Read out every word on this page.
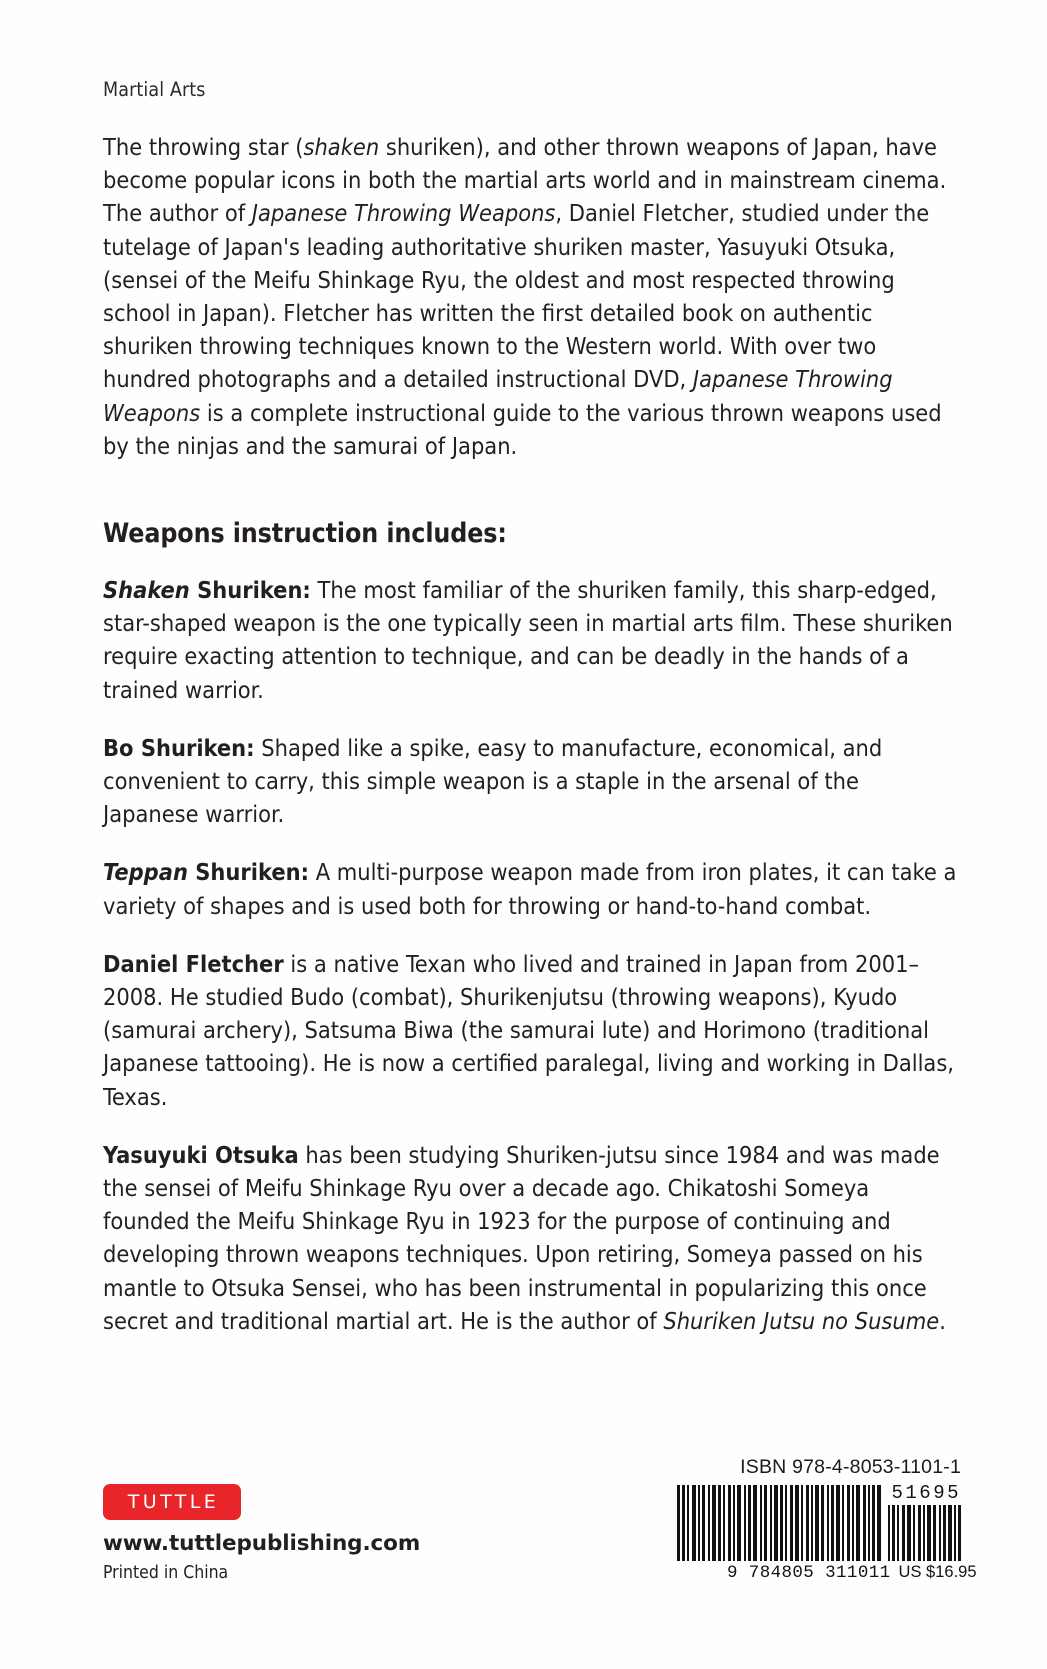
Martial Arts
The throwing star (shaken shuriken), and other thrown weapons of Japan, have become popular icons in both the martial arts world and in mainstream cinema. The author of Japanese Throwing Weapons, Daniel Fletcher, studied under the tutelage of Japan's leading authoritative shuriken master, Yasuyuki Otsuka, (sensei of the Meifu Shinkage Ryu, the oldest and most respected throwing school in Japan). Fletcher has written the first detailed book on authentic shuriken throwing techniques known to the Western world. With over two hundred photographs and a detailed instructional DVD, Japanese Throwing Weapons is a complete instructional guide to the various thrown weapons used by the ninjas and the samurai of Japan.
Weapons instruction includes:
Shaken Shuriken: The most familiar of the shuriken family, this sharp-edged, star-shaped weapon is the one typically seen in martial arts film. These shuriken require exacting attention to technique, and can be deadly in the hands of a trained warrior.
Bo Shuriken: Shaped like a spike, easy to manufacture, economical, and convenient to carry, this simple weapon is a staple in the arsenal of the Japanese warrior.
Teppan Shuriken: A multi-purpose weapon made from iron plates, it can take a variety of shapes and is used both for throwing or hand-to-hand combat.
Daniel Fletcher is a native Texan who lived and trained in Japan from 2001–2008. He studied Budo (combat), Shurikenjutsu (throwing weapons), Kyudo (samurai archery), Satsuma Biwa (the samurai lute) and Horimono (traditional Japanese tattooing). He is now a certified paralegal, living and working in Dallas, Texas.
Yasuyuki Otsuka has been studying Shuriken-jutsu since 1984 and was made the sensei of Meifu Shinkage Ryu over a decade ago. Chikatoshi Someya founded the Meifu Shinkage Ryu in 1923 for the purpose of continuing and developing thrown weapons techniques. Upon retiring, Someya passed on his mantle to Otsuka Sensei, who has been instrumental in popularizing this once secret and traditional martial art. He is the author of Shuriken Jutsu no Susume.
TUTTLE
www.tuttlepublishing.com
Printed in China
ISBN 978-4-8053-1101-1
51695
9 784805 311011 US $16.95
